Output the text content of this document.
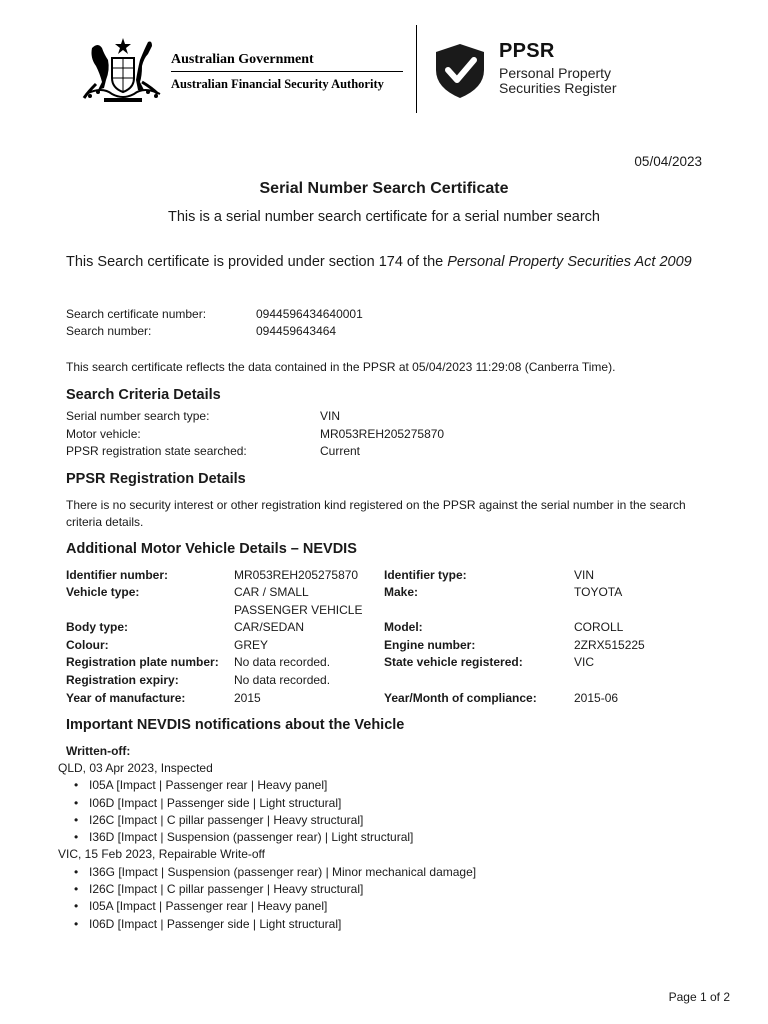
Australian Government
Australian Financial Security Authority
PPSR
Personal Property
Securities Register
05/04/2023
Serial Number Search Certificate
This is a serial number search certificate for a serial number search
This Search certificate is provided under section 174 of the Personal Property Securities Act 2009
Search certificate number:	0944596434640001
Search number:	094459643464
This search certificate reflects the data contained in the PPSR at 05/04/2023 11:29:08 (Canberra Time).
Search Criteria Details
Serial number search type:	VIN
Motor vehicle:	MR053REH205275870
PPSR registration state searched:	Current
PPSR Registration Details
There is no security interest or other registration kind registered on the PPSR against the serial number in the search criteria details.
Additional Motor Vehicle Details – NEVDIS
Identifier number:	MR053REH205275870 Identifier type:	VIN
Vehicle type:	CAR / SMALL	Make:	TOYOTA
PASSENGER VEHICLE
Body type:	CAR/SEDAN	Model:	COROLL
Colour:	GREY	Engine number:	2ZRX515225
Registration plate number: No data recorded.	State vehicle registered:	VIC
Registration expiry:	No data recorded.
Year of manufacture:	2015	Year/Month of compliance:	2015-06
Important NEVDIS notifications about the Vehicle
Written-off:
QLD, 03 Apr 2023, Inspected
• I05A [Impact | Passenger rear | Heavy panel]
• I06D [Impact | Passenger side | Light structural]
• I26C [Impact | C pillar passenger | Heavy structural]
• I36D [Impact | Suspension (passenger rear) | Light structural]
VIC, 15 Feb 2023, Repairable Write-off
• I36G [Impact | Suspension (passenger rear) | Minor mechanical damage]
• I26C [Impact | C pillar passenger | Heavy structural]
• I05A [Impact | Passenger rear | Heavy panel]
• I06D [Impact | Passenger side | Light structural]
Page 1 of 2
